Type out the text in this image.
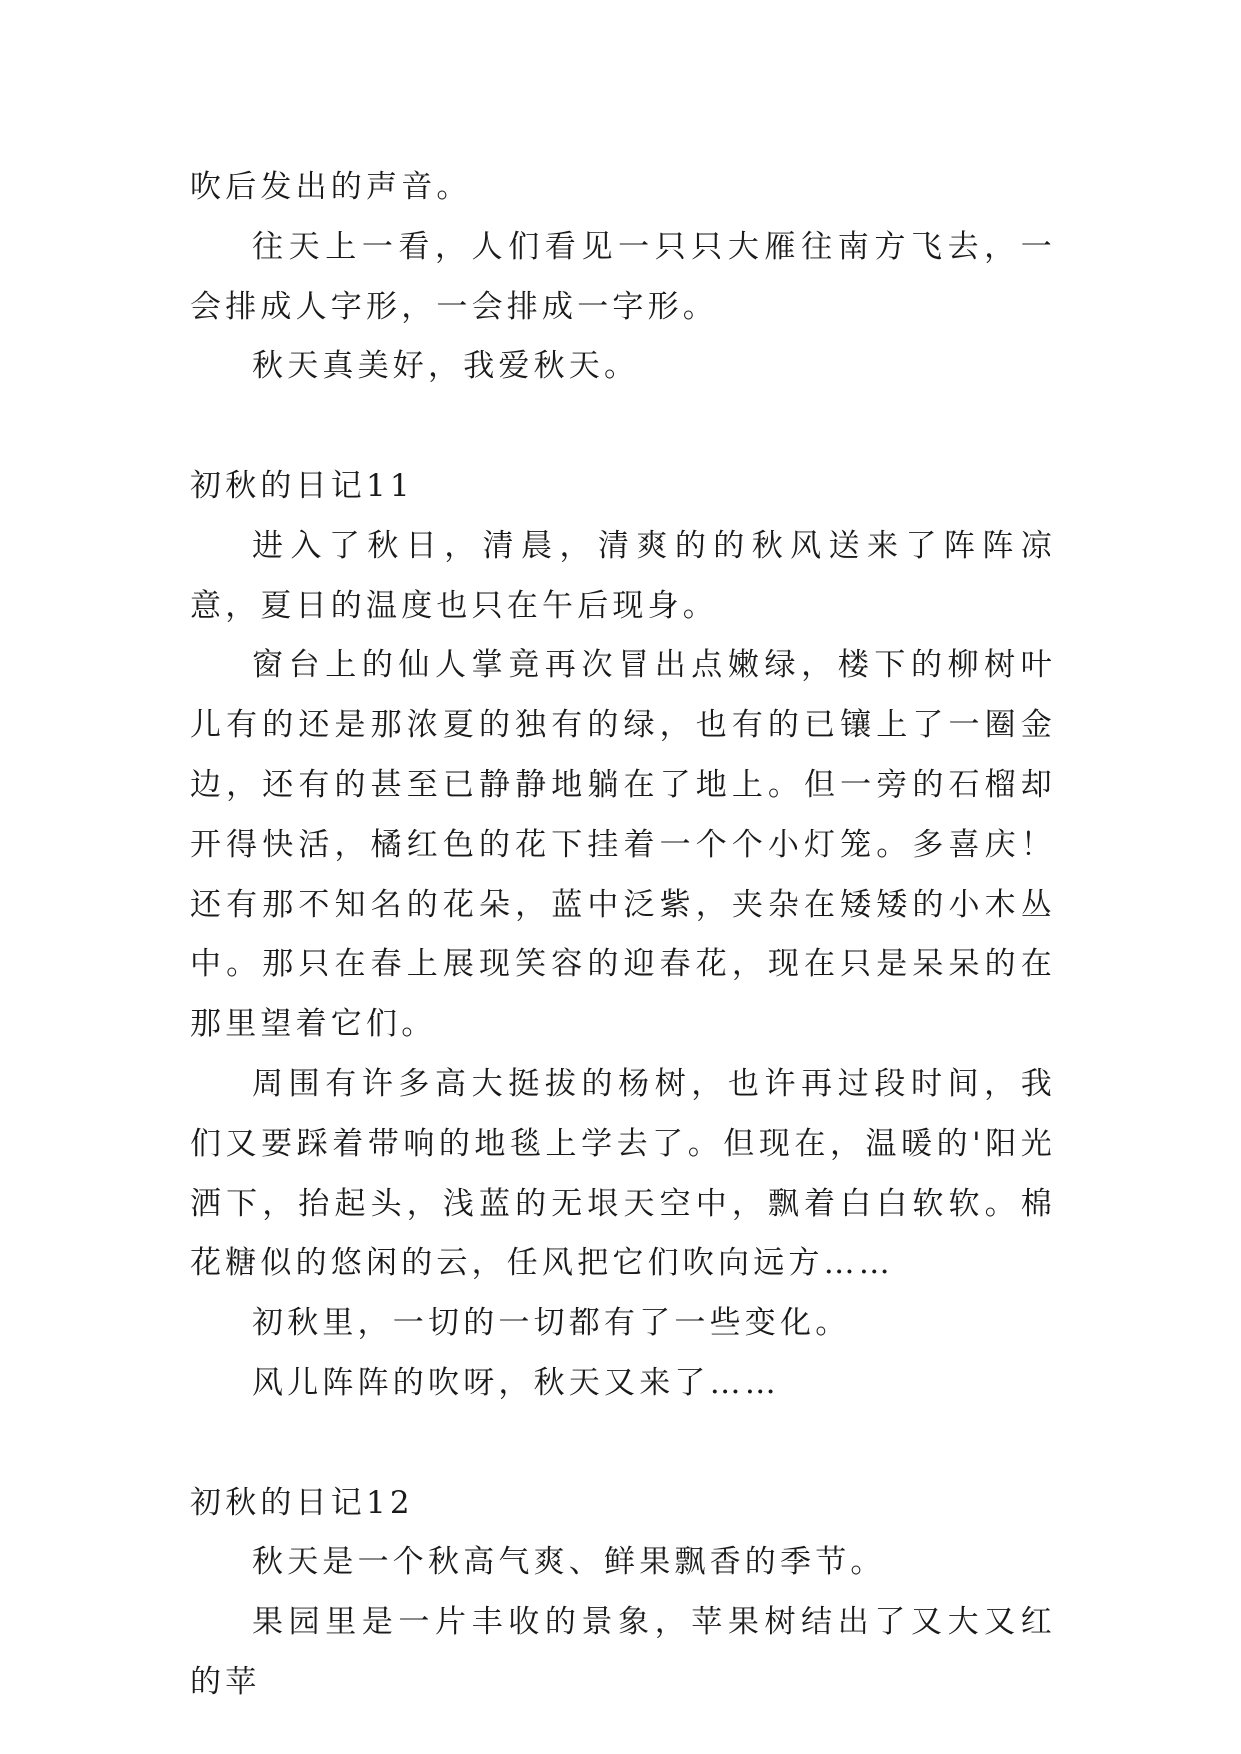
吹后发出的声音。

往天上一看，人们看见一只只大雁往南方飞去，一会排成人字形，一会排成一字形。

秋天真美好，我爱秋天。

初秋的日记11

进入了秋日，清晨，清爽的的秋风送来了阵阵凉意，夏日的温度也只在午后现身。

窗台上的仙人掌竟再次冒出点嫩绿，楼下的柳树叶儿有的还是那浓夏的独有的绿，也有的已镶上了一圈金边，还有的甚至已静静地躺在了地上。但一旁的石榴却开得快活，橘红色的花下挂着一个个小灯笼。多喜庆！还有那不知名的花朵，蓝中泛紫，夹杂在矮矮的小木丛中。那只在春上展现笑容的迎春花，现在只是呆呆的在那里望着它们。

周围有许多高大挺拔的杨树，也许再过段时间，我们又要踩着带响的地毯上学去了。但现在，温暖的'阳光洒下，抬起头，浅蓝的无垠天空中，飘着白白软软。棉花糖似的悠闲的云，任风把它们吹向远方……

初秋里，一切的一切都有了一些变化。

风儿阵阵的吹呀，秋天又来了……

初秋的日记12

秋天是一个秋高气爽、鲜果飘香的季节。

果园里是一片丰收的景象，苹果树结出了又大又红的苹
